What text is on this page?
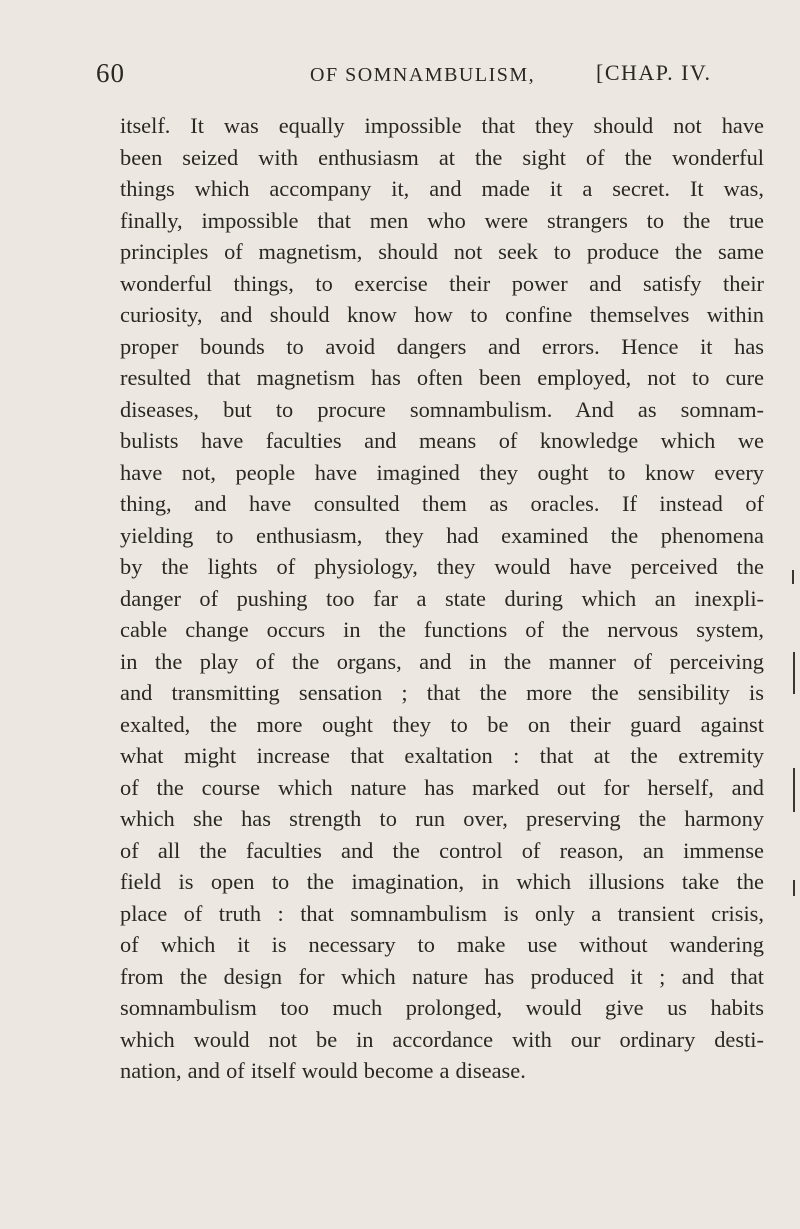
60	OF SOMNAMBULISM,	[CHAP. IV.
itself. It was equally impossible that they should not have
been seized with enthusiasm at the sight of the wonderful
things which accompany it, and made it a secret. It was,
finally, impossible that men who were strangers to the true
principles of magnetism, should not seek to produce the same
wonderful things, to exercise their power and satisfy their
curiosity, and should know how to confine themselves within
proper bounds to avoid dangers and errors. Hence it has
resulted that magnetism has often been employed, not to cure
diseases, but to procure somnambulism. And as somnam-
bulists have faculties and means of knowledge which we
have not, people have imagined they ought to know every
thing, and have consulted them as oracles. If instead of
yielding to enthusiasm, they had examined the phenomena
by the lights of physiology, they would have perceived the
danger of pushing too far a state during which an inexpli-
cable change occurs in the functions of the nervous system,
in the play of the organs, and in the manner of perceiving
and transmitting sensation ; that the more the sensibility is
exalted, the more ought they to be on their guard against
what might increase that exaltation : that at the extremity
of the course which nature has marked out for herself, and
which she has strength to run over, preserving the harmony
of all the faculties and the control of reason, an immense
field is open to the imagination, in which illusions take the
place of truth : that somnambulism is only a transient crisis,
of which it is necessary to make use without wandering
from the design for which nature has produced it ; and that
somnambulism too much prolonged, would give us habits
which would not be in accordance with our ordinary desti-
nation, and of itself would become a disease.
